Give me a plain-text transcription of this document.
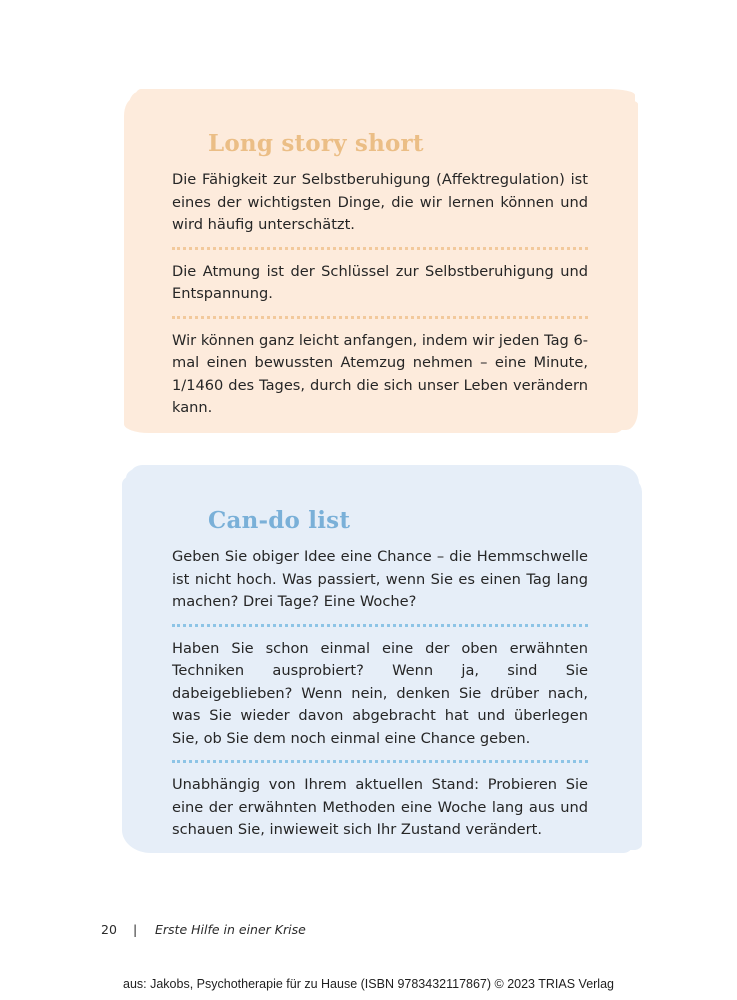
Long story short

Die Fähigkeit zur Selbstberuhigung (Affektregulation) ist eines der wichtigsten Dinge, die wir lernen können und wird häufig unterschätzt.

Die Atmung ist der Schlüssel zur Selbstberuhigung und Entspannung.

Wir können ganz leicht anfangen, indem wir jeden Tag 6-mal einen bewussten Atemzug nehmen – eine Minute, 1/1460 des Tages, durch die sich unser Leben verändern kann.

Can-do list

Geben Sie obiger Idee eine Chance – die Hemmschwelle ist nicht hoch. Was passiert, wenn Sie es einen Tag lang machen? Drei Tage? Eine Woche?

Haben Sie schon einmal eine der oben erwähnten Techniken ausprobiert? Wenn ja, sind Sie dabeigeblieben? Wenn nein, denken Sie drüber nach, was Sie wieder davon abgebracht hat und überlegen Sie, ob Sie dem noch einmal eine Chance geben.

Unabhängig von Ihrem aktuellen Stand: Probieren Sie eine der erwähnten Methoden eine Woche lang aus und schauen Sie, inwieweit sich Ihr Zustand verändert.

20	|	Erste Hilfe in einer Krise
aus: Jakobs, Psychotherapie für zu Hause (ISBN 9783432117867) © 2023 TRIAS Verlag
